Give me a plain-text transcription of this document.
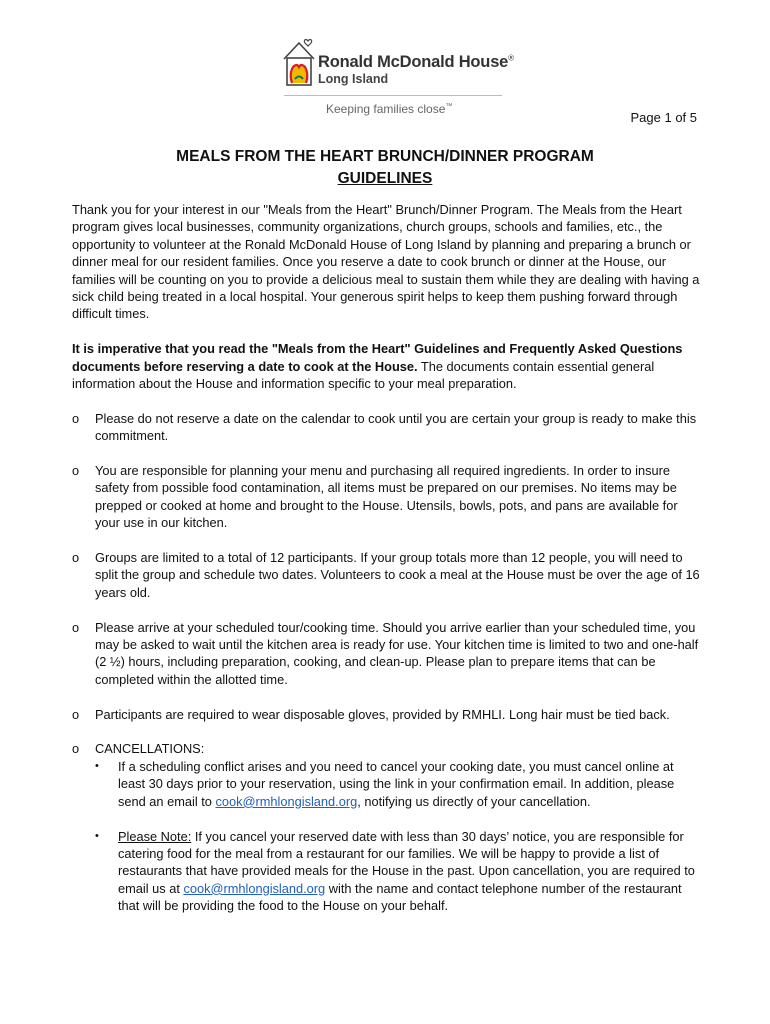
Ronald McDonald House®
Long Island
Keeping families close™
Page 1 of 5
MEALS FROM THE HEART BRUNCH/DINNER PROGRAM
GUIDELINES

Thank you for your interest in our "Meals from the Heart" Brunch/Dinner Program. The Meals from the Heart program gives local businesses, community organizations, church groups, schools and families, etc., the opportunity to volunteer at the Ronald McDonald House of Long Island by planning and preparing a brunch or dinner meal for our resident families. Once you reserve a date to cook brunch or dinner at the House, our families will be counting on you to provide a delicious meal to sustain them while they are dealing with having a sick child being treated in a local hospital. Your generous spirit helps to keep them pushing forward through difficult times.

It is imperative that you read the "Meals from the Heart" Guidelines and Frequently Asked Questions documents before reserving a date to cook at the House. The documents contain essential general information about the House and information specific to your meal preparation.

o Please do not reserve a date on the calendar to cook until you are certain your group is ready to make this commitment.
o You are responsible for planning your menu and purchasing all required ingredients. In order to insure safety from possible food contamination, all items must be prepared on our premises. No items may be prepped or cooked at home and brought to the House. Utensils, bowls, pots, and pans are available for your use in our kitchen.
o Groups are limited to a total of 12 participants. If your group totals more than 12 people, you will need to split the group and schedule two dates. Volunteers to cook a meal at the House must be over the age of 16 years old.
o Please arrive at your scheduled tour/cooking time. Should you arrive earlier than your scheduled time, you may be asked to wait until the kitchen area is ready for use. Your kitchen time is limited to two and one-half (2 ½) hours, including preparation, cooking, and clean-up. Please plan to prepare items that can be completed within the allotted time.
o Participants are required to wear disposable gloves, provided by RMHLI. Long hair must be tied back.
o CANCELLATIONS:
• If a scheduling conflict arises and you need to cancel your cooking date, you must cancel online at least 30 days prior to your reservation, using the link in your confirmation email. In addition, please send an email to cook@rmhlongisland.org, notifying us directly of your cancellation.
• Please Note: If you cancel your reserved date with less than 30 days’ notice, you are responsible for catering food for the meal from a restaurant for our families. We will be happy to provide a list of restaurants that have provided meals for the House in the past. Upon cancellation, you are required to email us at cook@rmhlongisland.org with the name and contact telephone number of the restaurant that will be providing the food to the House on your behalf.
